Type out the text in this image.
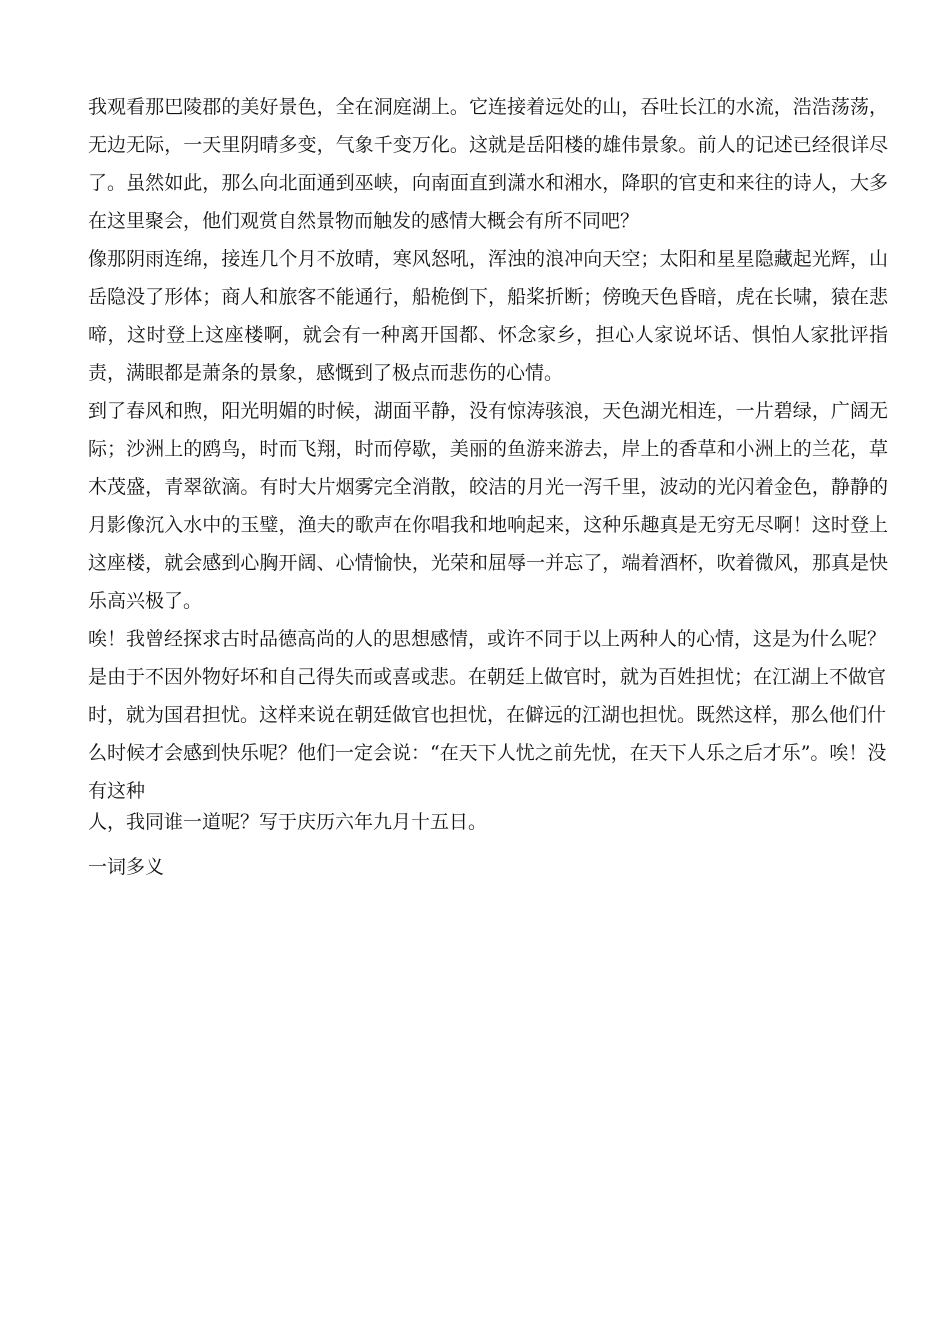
我观看那巴陵郡的美好景色，全在洞庭湖上。它连接着远处的山，吞吐长江的水流，浩浩荡荡，无边无际，一天里阴晴多变，气象千变万化。这就是岳阳楼的雄伟景象。前人的记述已经很详尽了。虽然如此，那么向北面通到巫峡，向南面直到潇水和湘水，降职的官吏和来往的诗人，大多在这里聚会，他们观赏自然景物而触发的感情大概会有所不同吧？

像那阴雨连绵，接连几个月不放晴，寒风怒吼，浑浊的浪冲向天空；太阳和星星隐藏起光辉，山岳隐没了形体；商人和旅客不能通行，船桅倒下，船桨折断；傍晚天色昏暗，虎在长啸，猿在悲啼，这时登上这座楼啊，就会有一种离开国都、怀念家乡，担心人家说坏话、惧怕人家批评指责，满眼都是萧条的景象，感慨到了极点而悲伤的心情。

到了春风和煦，阳光明媚的时候，湖面平静，没有惊涛骇浪，天色湖光相连，一片碧绿，广阔无际；沙洲上的鸥鸟，时而飞翔，时而停歇，美丽的鱼游来游去，岸上的香草和小洲上的兰花，草木茂盛，青翠欲滴。有时大片烟雾完全消散，皎洁的月光一泻千里，波动的光闪着金色，静静的月影像沉入水中的玉璧，渔夫的歌声在你唱我和地响起来，这种乐趣真是无穷无尽啊！这时登上这座楼，就会感到心胸开阔、心情愉快，光荣和屈辱一并忘了，端着酒杯，吹着微风，那真是快乐高兴极了。

唉！我曾经探求古时品德高尚的人的思想感情，或许不同于以上两种人的心情，这是为什么呢？是由于不因外物好坏和自己得失而或喜或悲。在朝廷上做官时，就为百姓担忧；在江湖上不做官时，就为国君担忧。这样来说在朝廷做官也担忧，在僻远的江湖也担忧。既然这样，那么他们什么时候才会感到快乐呢？他们一定会说：“在天下人忧之前先忧，在天下人乐之后才乐”。唉！没有这种
人，我同谁一道呢？写于庆历六年九月十五日。

一词多义
